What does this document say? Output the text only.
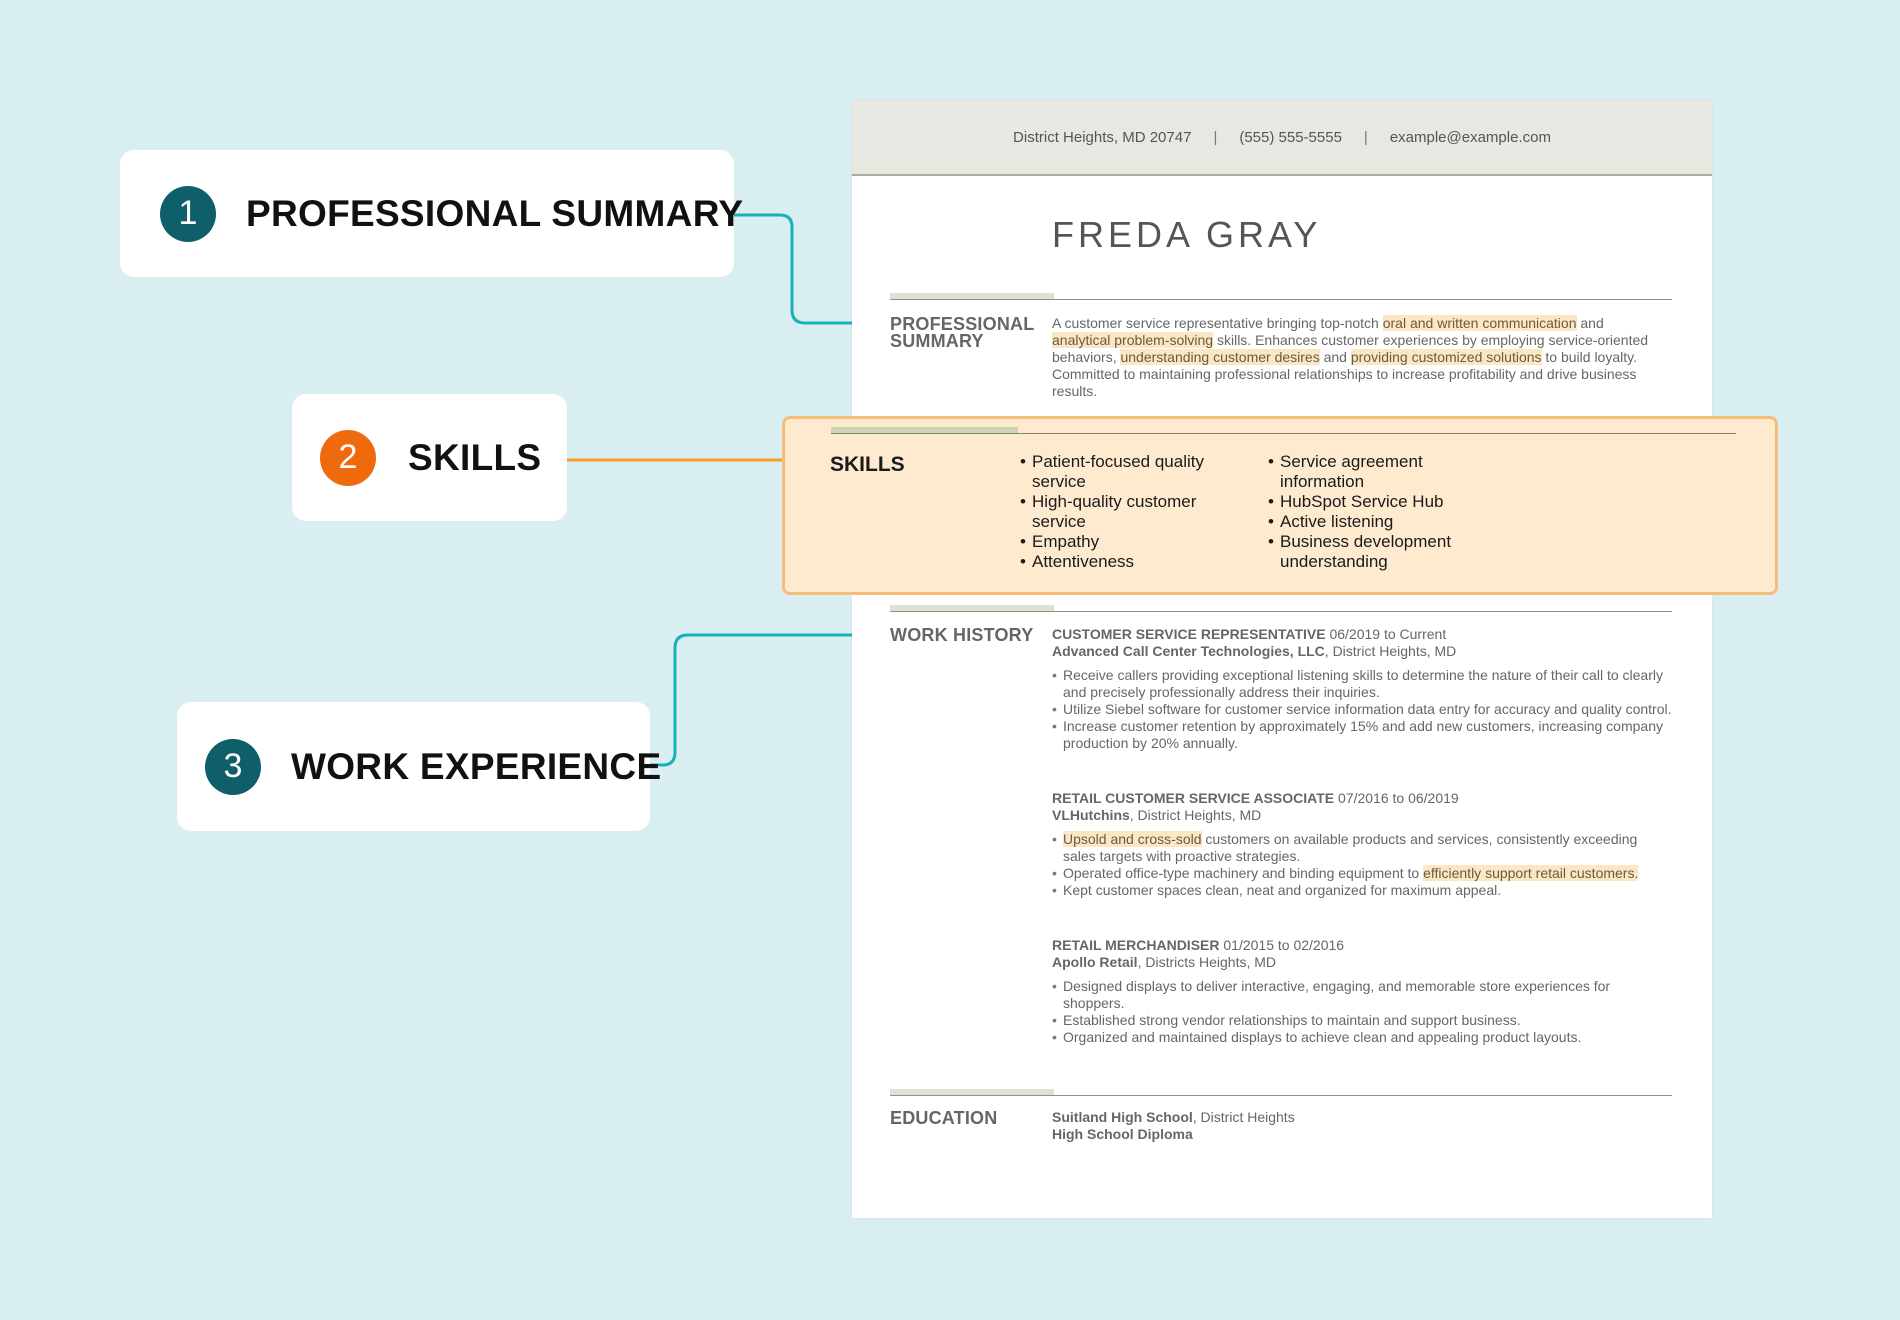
1	PROFESSIONAL SUMMARY
2	SKILLS
3	WORK EXPERIENCE
District Heights, MD 20747 | (555) 555-5555 | example@example.com
FREDA GRAY
PROFESSIONAL
SUMMARY
A customer service representative bringing top-notch oral and written communication and analytical problem-solving skills. Enhances customer experiences by employing service-oriented behaviors, understanding customer desires and providing customized solutions to build loyalty. Committed to maintaining professional relationships to increase profitability and drive business results.
WORK HISTORY CUSTOMER SERVICE REPRESENTATIVE 06/2019 to Current
Advanced Call Center Technologies, LLC, District Heights, MD
• Receive callers providing exceptional listening skills to determine the nature of their call to clearly and precisely professionally address their inquiries.
• Utilize Siebel software for customer service information data entry for accuracy and quality control.
• Increase customer retention by approximately 15% and add new customers, increasing company production by 20% annually.
RETAIL CUSTOMER SERVICE ASSOCIATE 07/2016 to 06/2019
VLHutchins, District Heights, MD
• Upsold and cross-sold customers on available products and services, consistently exceeding sales targets with proactive strategies.
• Operated office-type machinery and binding equipment to efficiently support retail customers.
• Kept customer spaces clean, neat and organized for maximum appeal.
RETAIL MERCHANDISER 01/2015 to 02/2016
Apollo Retail, Districts Heights, MD
• Designed displays to deliver interactive, engaging, and memorable store experiences for shoppers.
• Established strong vendor relationships to maintain and support business.
• Organized and maintained displays to achieve clean and appealing product layouts.
EDUCATION	Suitland High School, District Heights
High School Diploma
SKILLS
•	Patient-focused quality service
• High-quality customer service
• Empathy
• Attentiveness
• Service agreement information
• HubSpot Service Hub
• Active listening
• Business development understanding
